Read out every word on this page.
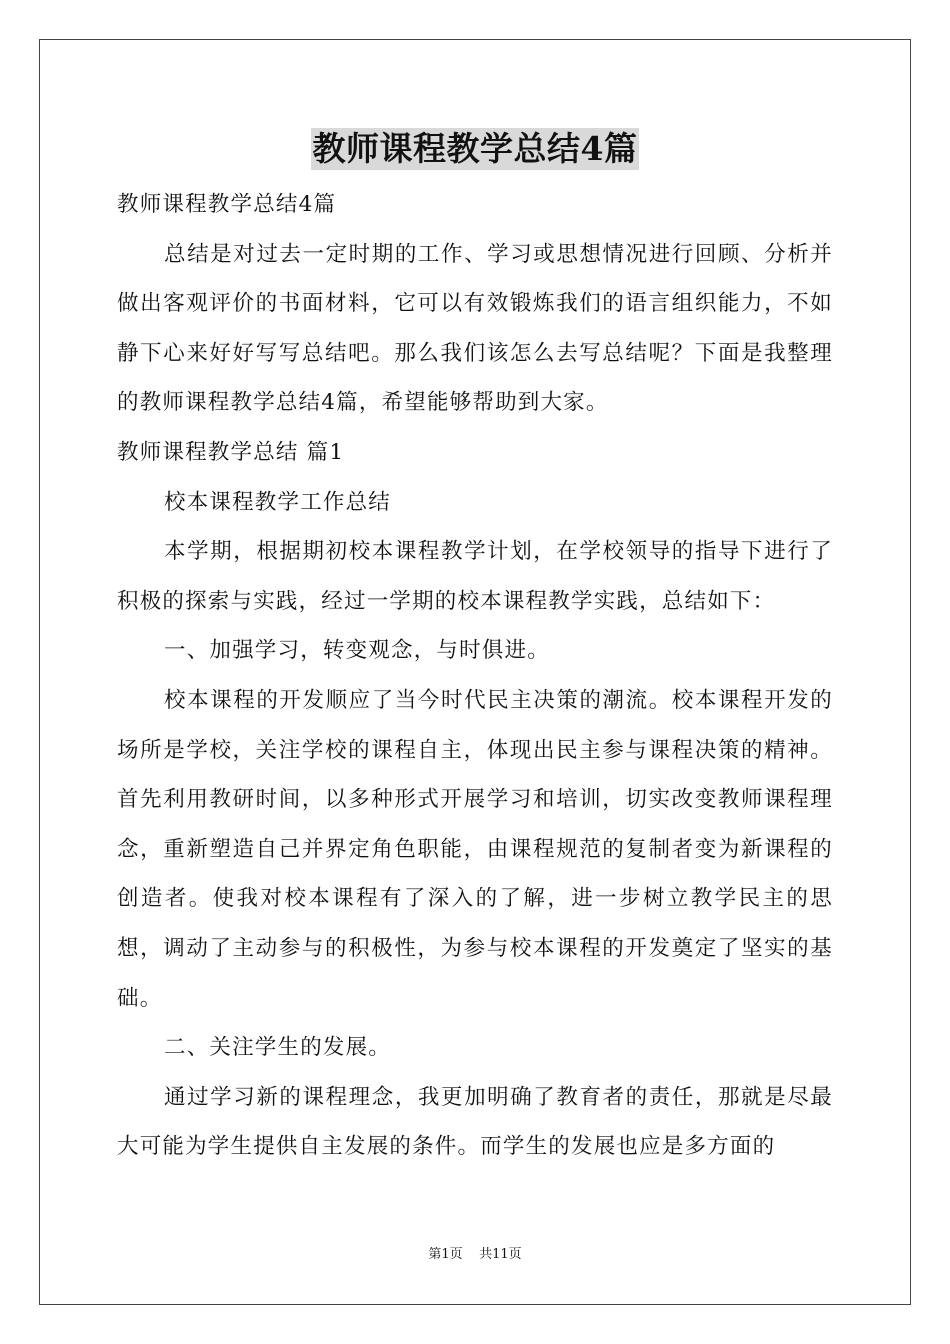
教师课程教学总结4篇

教师课程教学总结4篇

总结是对过去一定时期的工作、学习或思想情况进行回顾、分析并做出客观评价的书面材料，它可以有效锻炼我们的语言组织能力，不如静下心来好好写写总结吧。那么我们该怎么去写总结呢？下面是我整理的教师课程教学总结4篇，希望能够帮助到大家。

教师课程教学总结 篇1

校本课程教学工作总结

本学期，根据期初校本课程教学计划，在学校领导的指导下进行了积极的探索与实践，经过一学期的校本课程教学实践，总结如下：

一、加强学习，转变观念，与时俱进。

校本课程的开发顺应了当今时代民主决策的潮流。校本课程开发的场所是学校，关注学校的课程自主，体现出民主参与课程决策的精神。首先利用教研时间，以多种形式开展学习和培训，切实改变教师课程理念，重新塑造自己并界定角色职能，由课程规范的复制者变为新课程的创造者。使我对校本课程有了深入的了解，进一步树立教学民主的思想，调动了主动参与的积极性，为参与校本课程的开发奠定了坚实的基础。

二、关注学生的发展。

通过学习新的课程理念，我更加明确了教育者的责任，那就是尽最大可能为学生提供自主发展的条件。而学生的发展也应是多方面的

第1页 共11页
